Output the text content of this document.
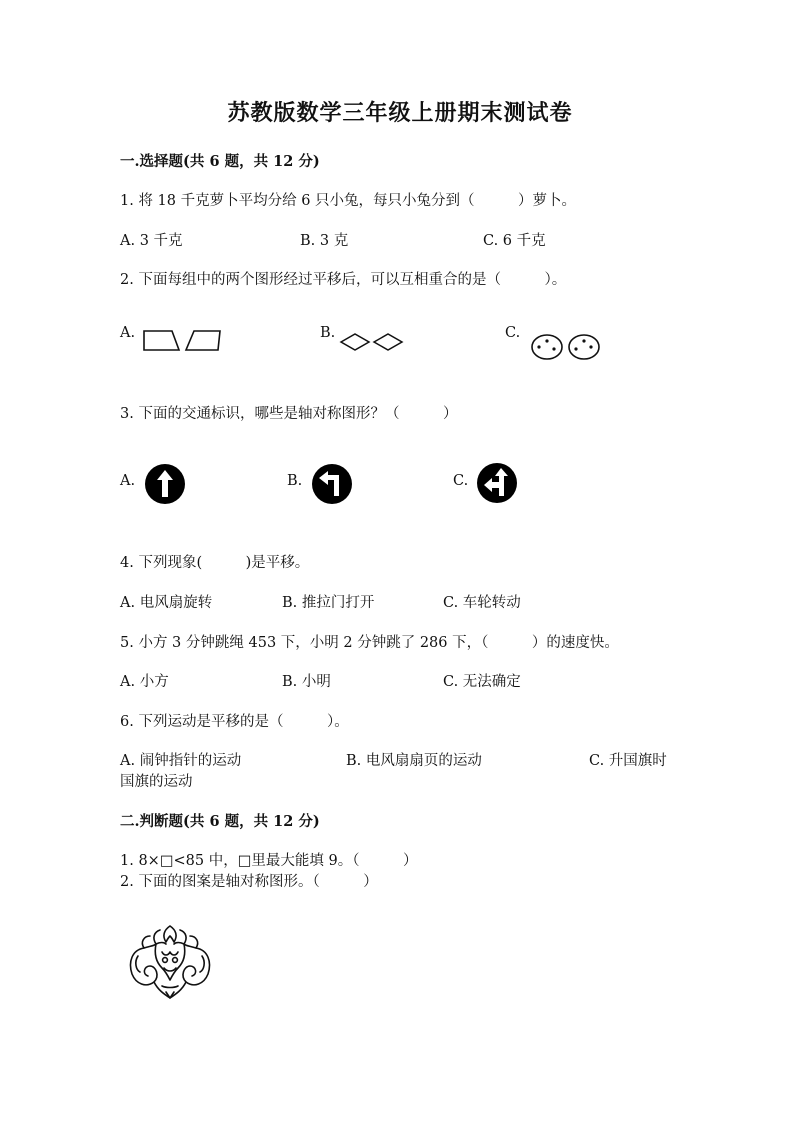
苏教版数学三年级上册期末测试卷
一.选择题(共 6 题，共 12 分)
1. 将 18 千克萝卜平均分给 6 只小兔，每只小兔分到（　　　）萝卜。
A. 3 千克	B. 3 克	C. 6 千克
2. 下面每组中的两个图形经过平移后，可以互相重合的是（　　　）。
A.	B.	C.
3. 下面的交通标识，哪些是轴对称图形？（　　　）
A.	B.	C.
4. 下列现象(　　　)是平移。
A. 电风扇旋转	B. 推拉门打开	C. 车轮转动
5. 小方 3 分钟跳绳 453 下，小明 2 分钟跳了 286 下，（　　　）的速度快。
A. 小方	B. 小明	C. 无法确定
6. 下列运动是平移的是（　　　）。
A. 闹钟指针的运动	B. 电风扇扇页的运动	C. 升国旗时
国旗的运动
二.判断题(共 6 题，共 12 分)
1. 8×□<85 中，□里最大能填 9。（　　　）
2. 下面的图案是轴对称图形。（　　　）
